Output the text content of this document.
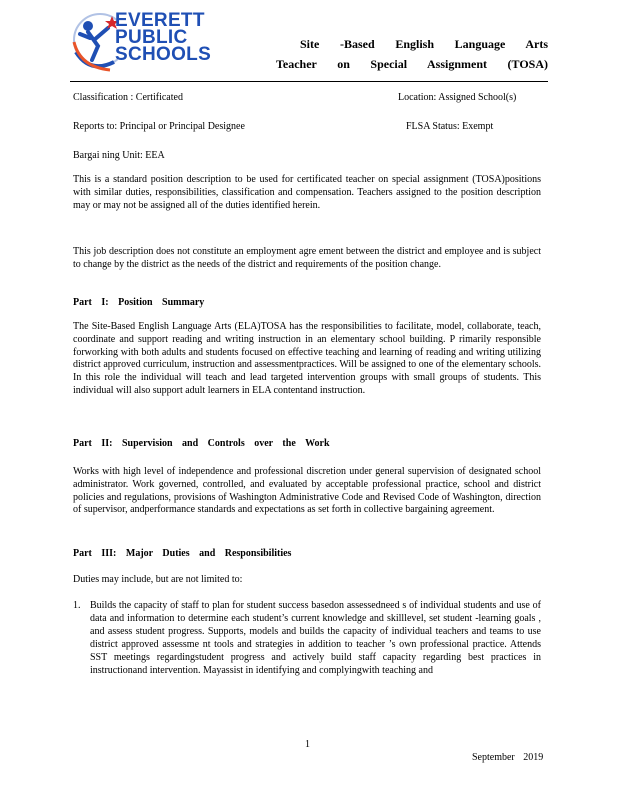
EVERETT
PUBLIC
SCHOOLS	Site -Based English Language Arts
Teacher on Special Assignment (TOSA)
Classification : Certificated	Location: Assigned School(s)
Reports to: Principal or Principal Designee	FLSA Status: Exempt
Bargai ning Unit: EEA
This is a standard position description to be used for certificated teacher on special assignment (TOSA)positions with similar duties, responsibilities, classification and compensation. Teachers assigned to the position description may or may not be assigned all of the duties identified herein.
This job description does not constitute an employment agre ement between the district and employee and is subject to change by the district as the needs of the district and requirements of the position change.
Part I: Position Summary
The Site-Based English Language Arts (ELA)TOSA has the responsibilities to facilitate, model, collaborate, teach, coordinate and support reading and writing instruction in an elementary school building. P rimarily responsible forworking with both adults and students focused on effective teaching and learning of reading and writing utilizing district approved curriculum, instruction and assessmentpractices. Will be assigned to one of the elementary schools. In this role the individual will teach and lead targeted intervention groups with small groups of students. This individual will also support adult learners in ELA contentand instruction.
Part II: Supervision and Controls over the Work
Works with high level of independence and professional discretion under general supervision of designated school administrator. Work governed, controlled, and evaluated by acceptable professional practice, school and district policies and regulations, provisions of Washington Administrative Code and Revised Code of Washington, direction of supervisor, andperformance standards and expectations as set forth in collective bargaining agreement.
Part III: Major Duties and Responsibilities
Duties may include, but are not limited to:
1. Builds the capacity of staff to plan for student success basedon assessedneed s of individual students and use of data and information to determine each student’s current knowledge and skilllevel, set student -learning goals , and assess student progress. Supports, models and builds the capacity of individual teachers and teams to use district approved assessme nt tools and strategies in addition to teacher ’s own professional practice. Attends SST meetings regardingstudent progress and actively build staff capacity regarding best practices in instructionand intervention. Mayassist in identifying and complyingwith teaching and
1
September 2019
